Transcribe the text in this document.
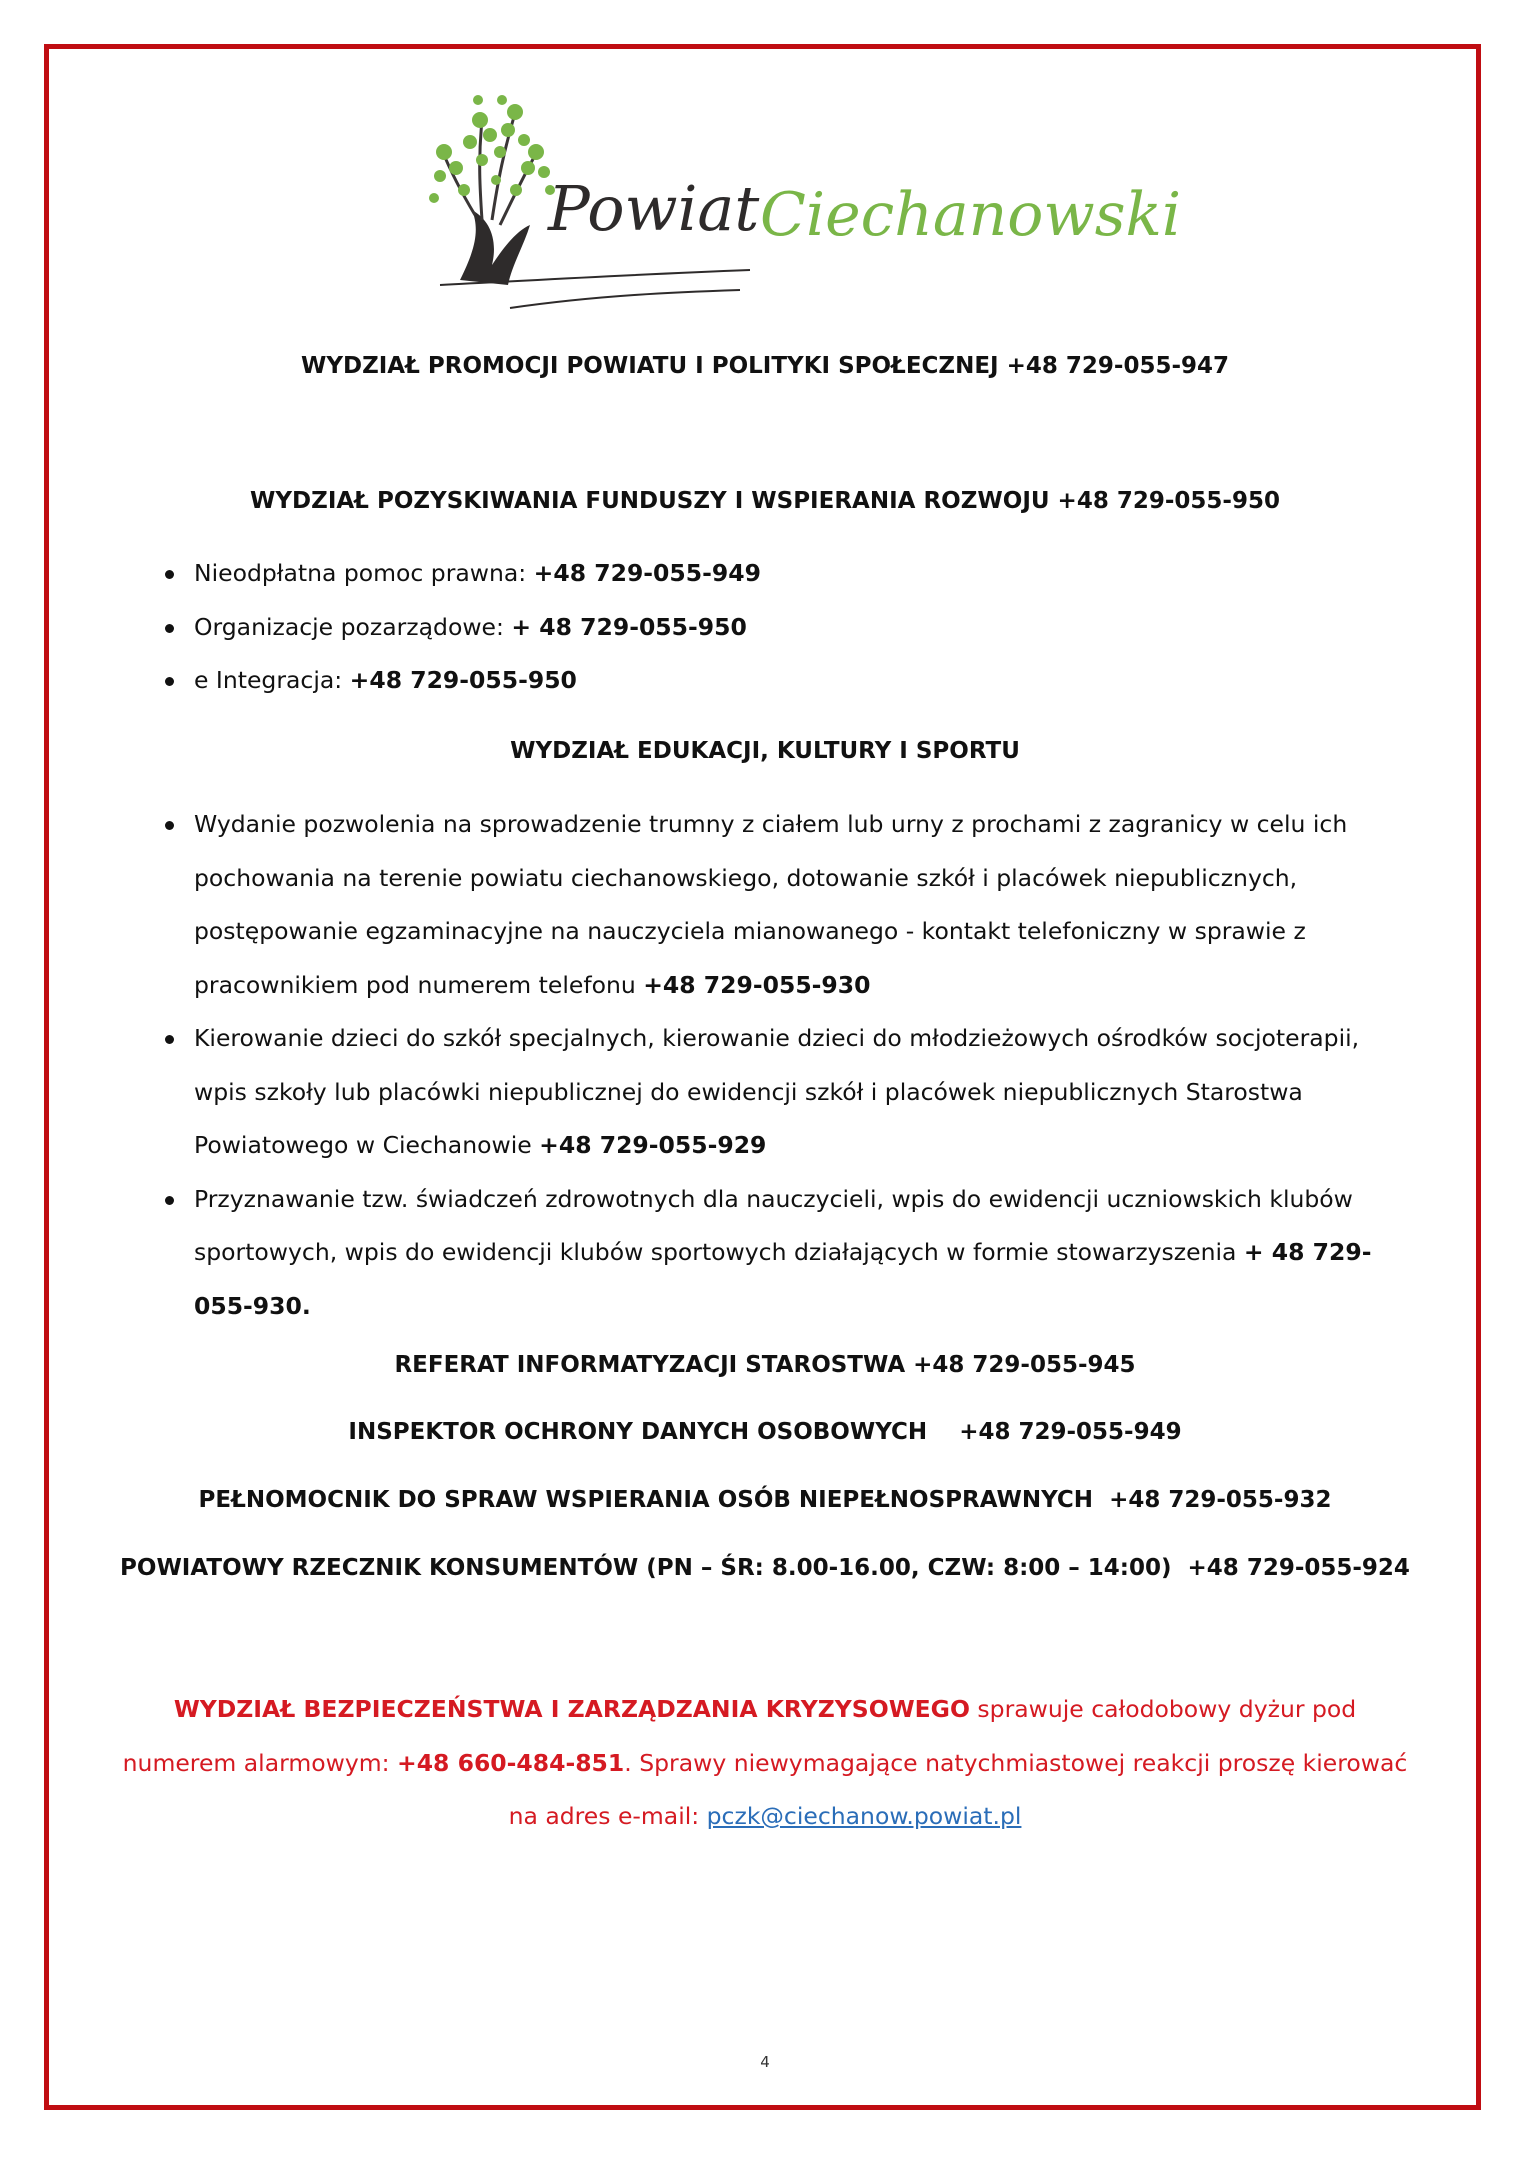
Powiat Ciechanowski
WYDZIAŁ PROMOCJI POWIATU I POLITYKI SPOŁECZNEJ +48 729-055-947
WYDZIAŁ POZYSKIWANIA FUNDUSZY I WSPIERANIA ROZWOJU +48 729-055-950
Nieodpłatna pomoc prawna: +48 729-055-949
Organizacje pozarządowe: + 48 729-055-950
e Integracja: +48 729-055-950
WYDZIAŁ EDUKACJI, KULTURY I SPORTU
Wydanie pozwolenia na sprowadzenie trumny z ciałem lub urny z prochami z zagranicy w celu ich pochowania na terenie powiatu ciechanowskiego, dotowanie szkół i placówek niepublicznych, postępowanie egzaminacyjne na nauczyciela mianowanego - kontakt telefoniczny w sprawie z pracownikiem pod numerem telefonu +48 729-055-930
Kierowanie dzieci do szkół specjalnych, kierowanie dzieci do młodzieżowych ośrodków socjoterapii, wpis szkoły lub placówki niepublicznej do ewidencji szkół i placówek niepublicznych Starostwa Powiatowego w Ciechanowie +48 729-055-929
Przyznawanie tzw. świadczeń zdrowotnych dla nauczycieli, wpis do ewidencji uczniowskich klubów sportowych, wpis do ewidencji klubów sportowych działających w formie stowarzyszenia + 48 729-055-930.
REFERAT INFORMATYZACJI STAROSTWA +48 729-055-945
INSPEKTOR OCHRONY DANYCH OSOBOWYCH    +48 729-055-949
PEŁNOMOCNIK DO SPRAW WSPIERANIA OSÓB NIEPEŁNOSPRAWNYCH  +48 729-055-932
POWIATOWY RZECZNIK KONSUMENTÓW (PN – ŚR: 8.00-16.00, CZW: 8:00 – 14:00)  +48 729-055-924
WYDZIAŁ BEZPIECZEŃSTWA I ZARZĄDZANIA KRYZYSOWEGO sprawuje całodobowy dyżur pod numerem alarmowym: +48 660-484-851. Sprawy niewymagające natychmiastowej reakcji proszę kierować na adres e-mail: pczk@ciechanow.powiat.pl
4
